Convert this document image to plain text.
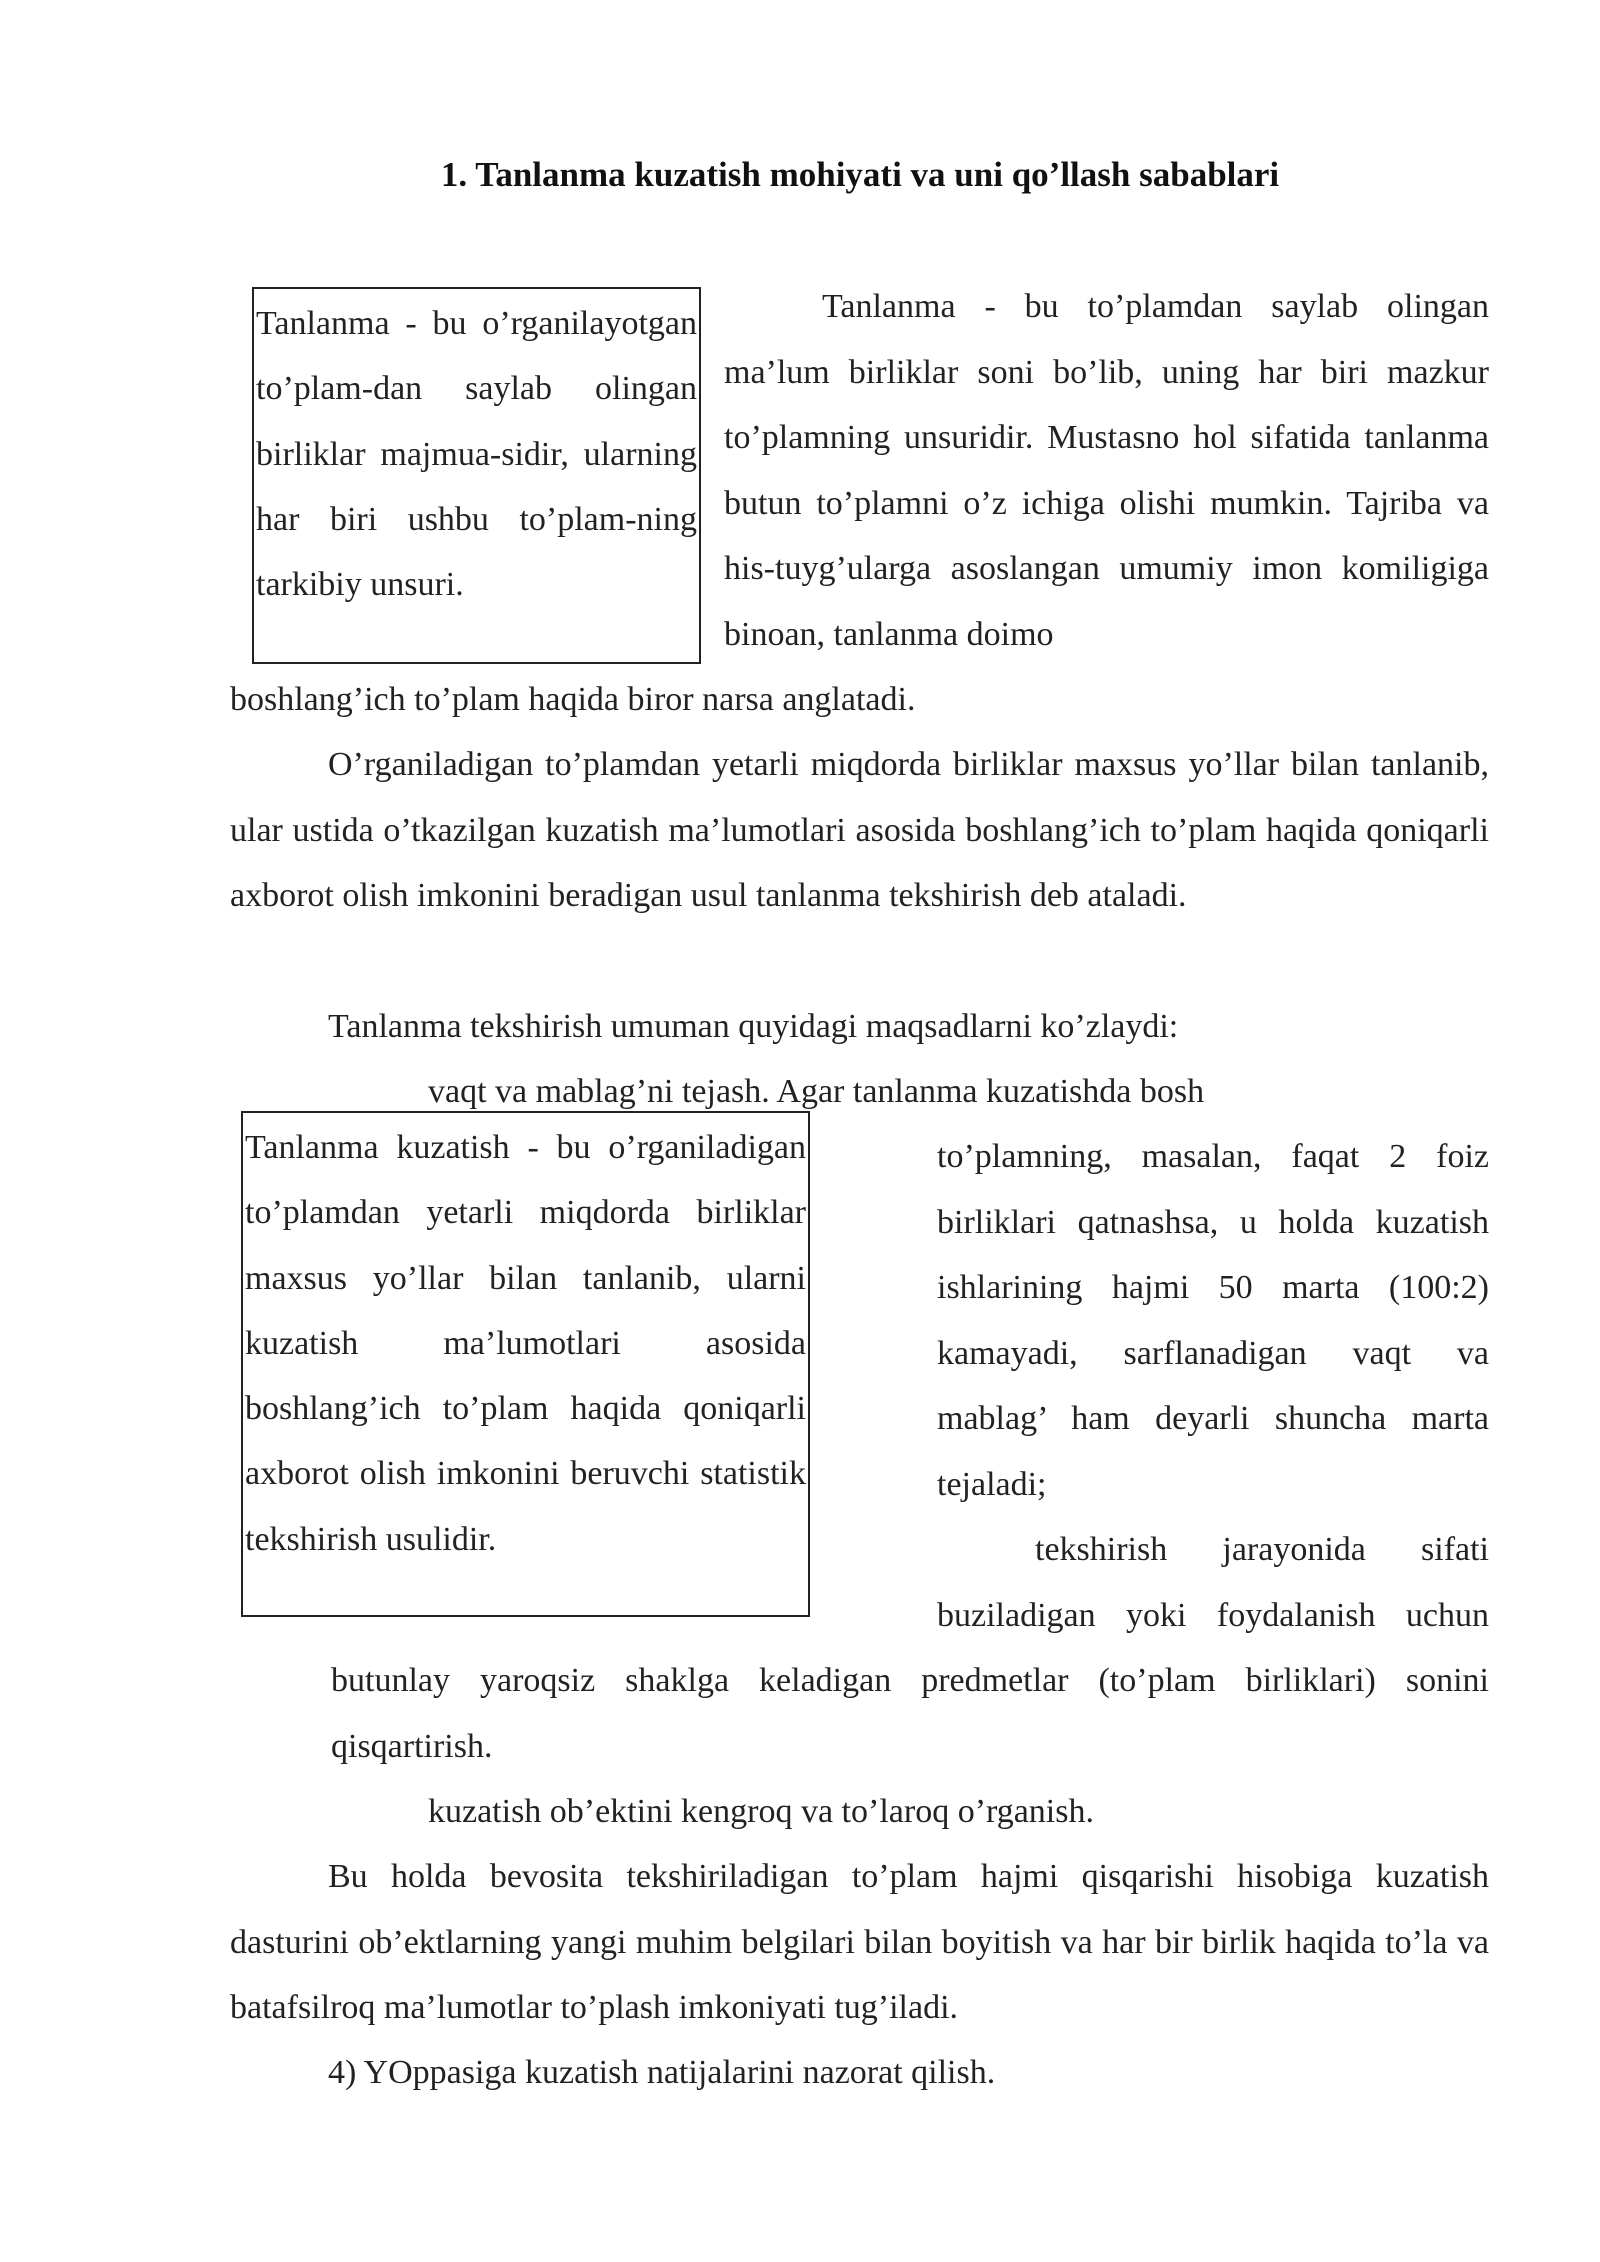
1. Tanlanma kuzatish mohiyati va uni qo’llash sabablari
Tanlanma - bu o’rganilayotgan to’plam-dan saylab olingan birliklar majmua-sidir, ularning har biri ushbu to’plam-ning tarkibiy unsuri.
Tanlanma - bu to’plamdan saylab olingan ma’lum birliklar soni bo’lib, uning har biri mazkur to’plamning unsuridir. Mustasno hol sifatida tanlanma butun to’plamni o’z ichiga olishi mumkin. Tajriba va his-tuyg’ularga asoslangan umumiy imon komiligiga binoan, tanlanma doimo
boshlang’ich to’plam haqida biror narsa anglatadi.
O’rganiladigan to’plamdan yetarli miqdorda birliklar maxsus yo’llar bilan tanlanib, ular ustida o’tkazilgan kuzatish ma’lumotlari asosida boshlang’ich to’plam haqida qoniqarli axborot olish imkonini beradigan usul tanlanma tekshirish deb ataladi.
Tanlanma tekshirish umuman quyidagi maqsadlarni ko’zlaydi:
vaqt va mablag’ni tejash. Agar tanlanma kuzatishda bosh
Tanlanma kuzatish - bu o’rganiladigan to’plamdan yetarli miqdorda birliklar maxsus yo’llar bilan tanlanib, ularni kuzatish ma’lumotlari asosida boshlang’ich to’plam haqida qoniqarli axborot olish imkonini beruvchi statistik tekshirish usulidir.
to’plamning, masalan, faqat 2 foiz birliklari qatnashsa, u holda kuzatish ishlarining hajmi 50 marta (100:2) kamayadi, sarflanadigan vaqt va mablag’ ham deyarli shuncha marta tejaladi;
tekshirish jarayonida sifati buziladigan yoki foydalanish uchun
butunlay yaroqsiz shaklga keladigan predmetlar (to’plam birliklari) sonini qisqartirish.
kuzatish ob’ektini kengroq va to’laroq o’rganish.
Bu holda bevosita tekshiriladigan to’plam hajmi qisqarishi hisobiga kuzatish dasturini ob’ektlarning yangi muhim belgilari bilan boyitish va har bir birlik haqida to’la va batafsilroq ma’lumotlar to’plash imkoniyati tug’iladi.
4) YOppasiga kuzatish natijalarini nazorat qilish.
